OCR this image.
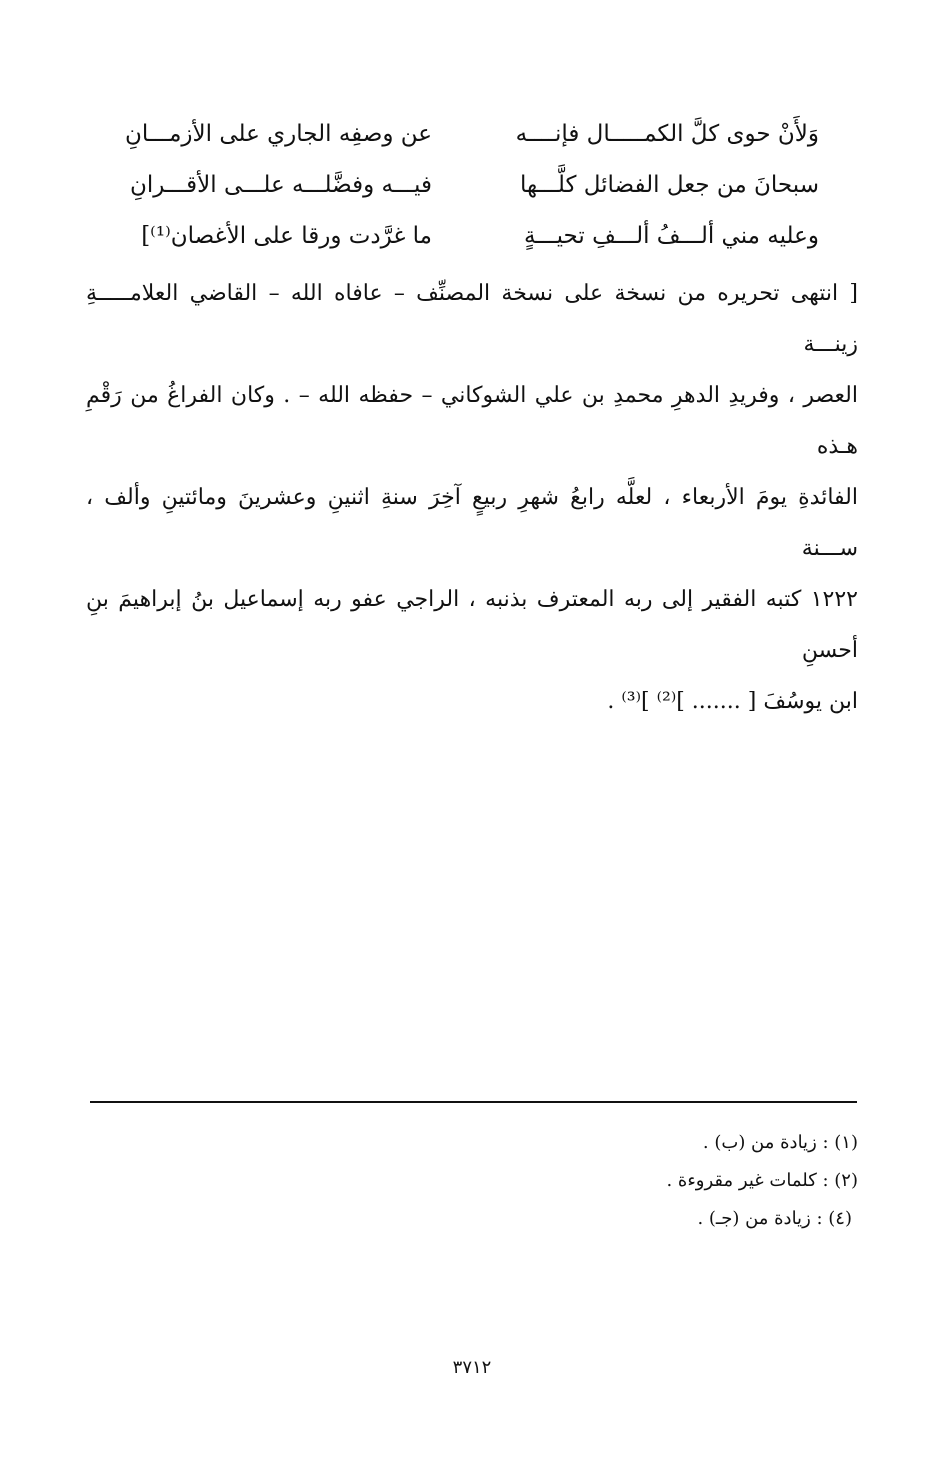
وَلأَنْ حوى كلَّ الكمـــــال فإنــــه
عن وصفِه الجاري على الأزمـــانِ
سبحانَ من جعل الفضائل كلَّـــها
فيـــه وفضَّلـــه علـــى الأقـــرانِ
وعليه مني ألـــفُ ألـــفِ تحيـــةٍ
ما غرَّدت ورقا على الأغصان⁽¹⁾]
[ انتهى تحريره من نسخة على نسخة المصنِّف – عافاه الله – القاضي العلامـــــةِ زينـــة
العصر ، وفريدِ الدهرِ محمدِ بن علي الشوكاني – حفظه الله – . وكان الفراغُ من رَقْمِ هـذه
الفائدةِ يومَ الأربعاء ، لعلَّه رابعُ شهرِ ربيعٍ آخِرَ سنةِ اثنينِ وعشرينَ ومائتينِ وألف ، ســـنة
١٢٢٢ كتبه الفقير إلى ربه المعترف بذنبه ، الراجي عفو ربه إسماعيل بنُ إبراهيمَ بنِ أحسنِ
ابن يوسُفَ [ ....... ]⁽²⁾ ]⁽³⁾ .
(١) : زيادة من (ب) .
(٢) : كلمات غير مقروءة .
(٤) : زيادة من (جـ) .
٣٧١٢
